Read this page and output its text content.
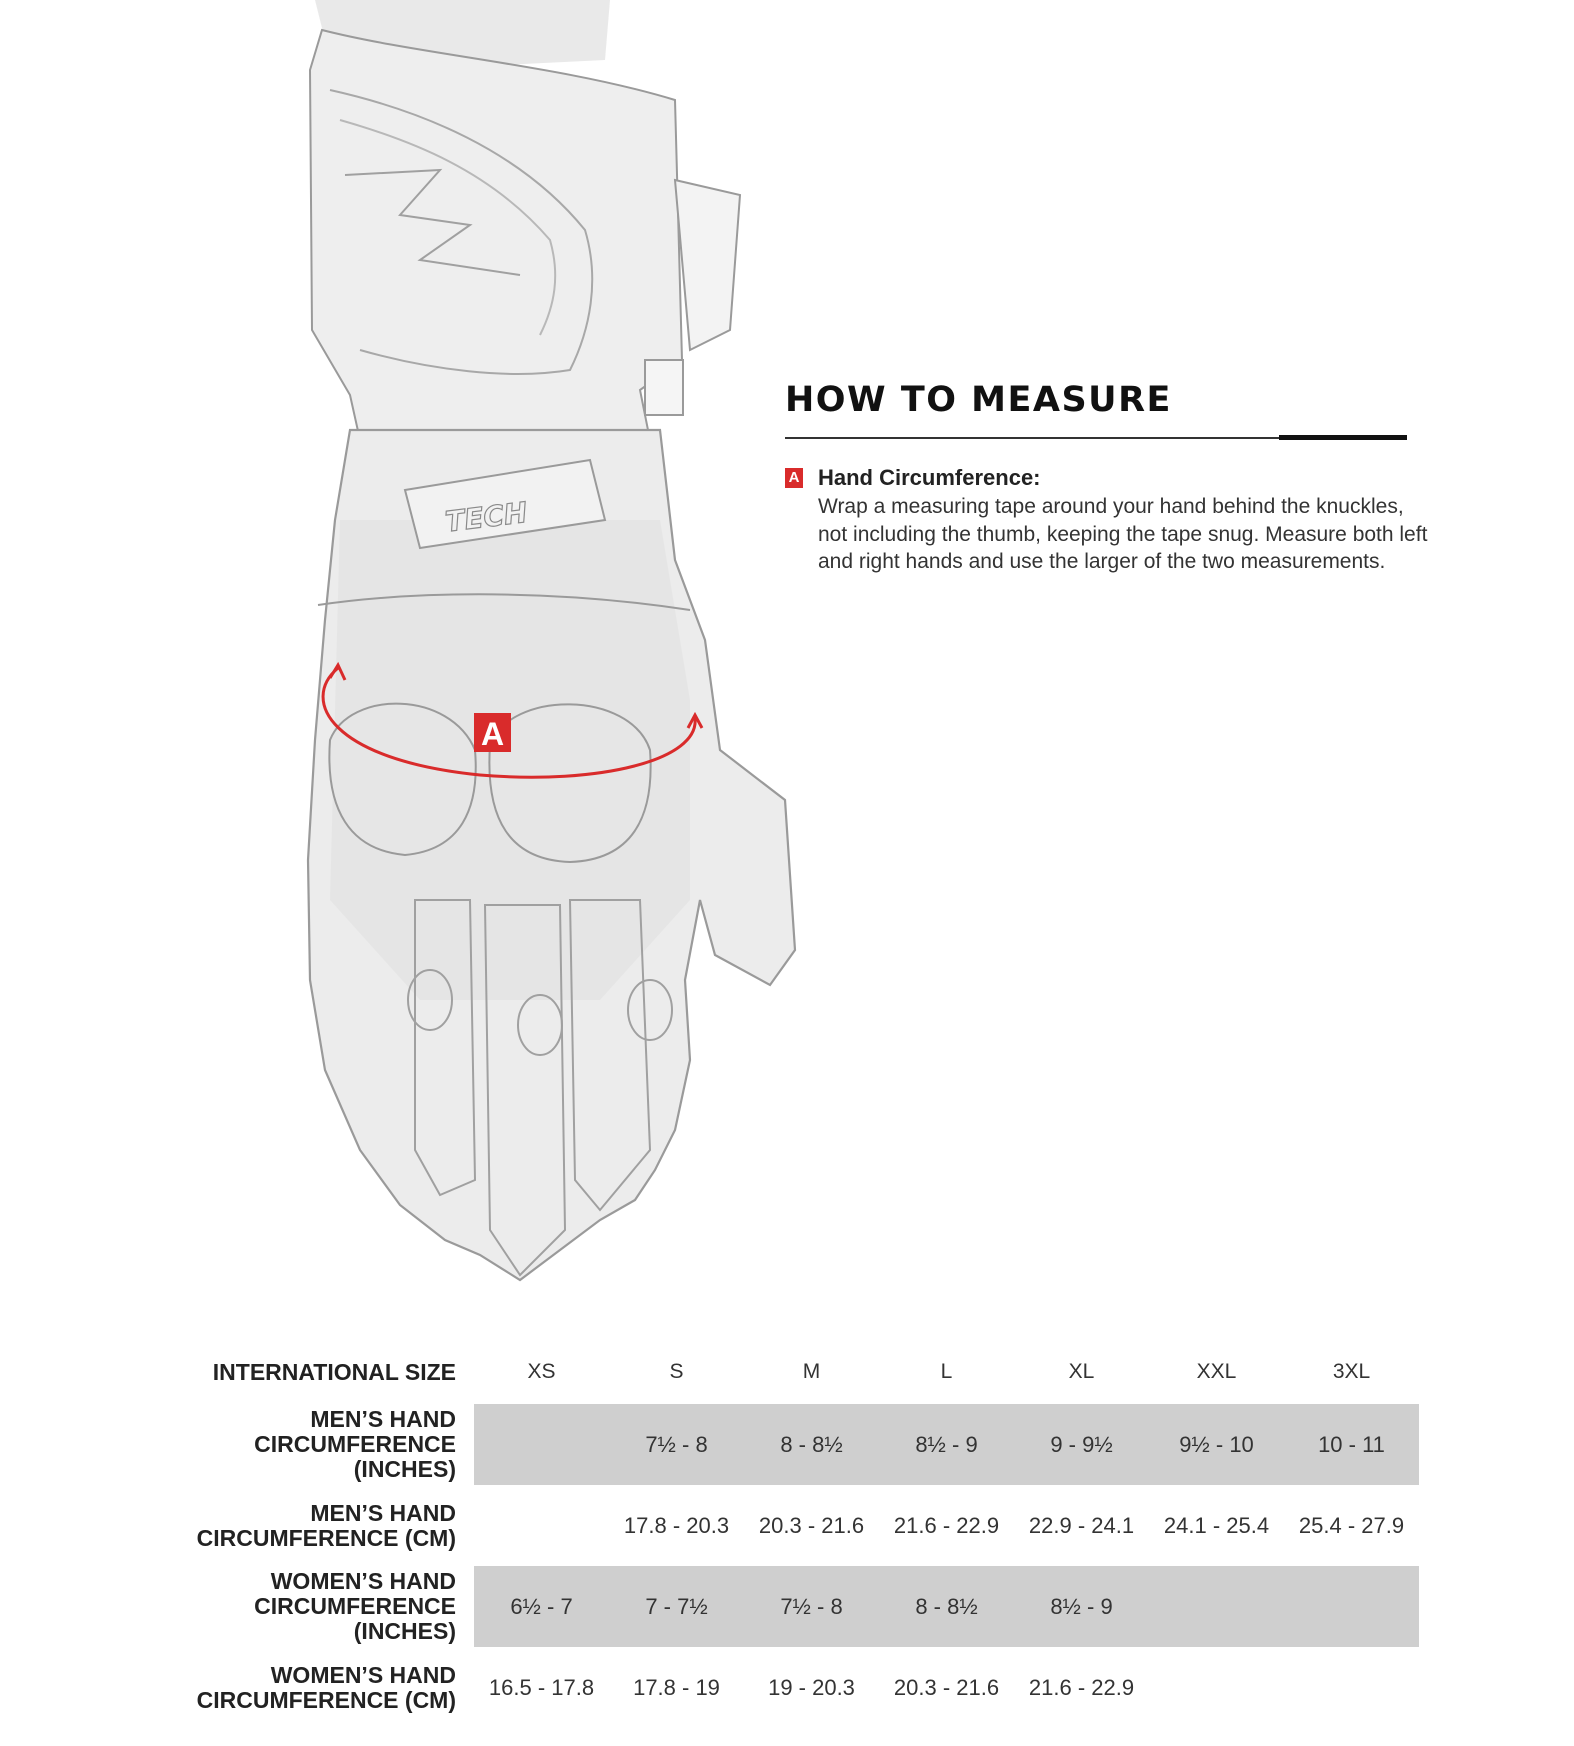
TECH
A
HOW TO MEASURE
A Hand Circumference:
Wrap a measuring tape around your hand behind the knuckles, not including the thumb, keeping the tape snug. Measure both left and right hands and use the larger of the two measurements.
INTERNATIONAL SIZE	XS	S	M	L	XL	XXL	3XL

MEN’S HAND
CIRCUMFERENCE (INCHES)		7½ - 8	8 - 8½	8½ - 9	9 - 9½	9½ - 10	10 - 11

MEN’S HAND
CIRCUMFERENCE (CM)		17.8 - 20.3	20.3 - 21.6	21.6 - 22.9	22.9 - 24.1	24.1 - 25.4	25.4 - 27.9

WOMEN’S HAND
CIRCUMFERENCE (INCHES)	6½ - 7	7 - 7½	7½ - 8	8 - 8½	8½ - 9		

WOMEN’S HAND
CIRCUMFERENCE (CM)	16.5 - 17.8	17.8 - 19	19 - 20.3	20.3 - 21.6	21.6 - 22.9		
